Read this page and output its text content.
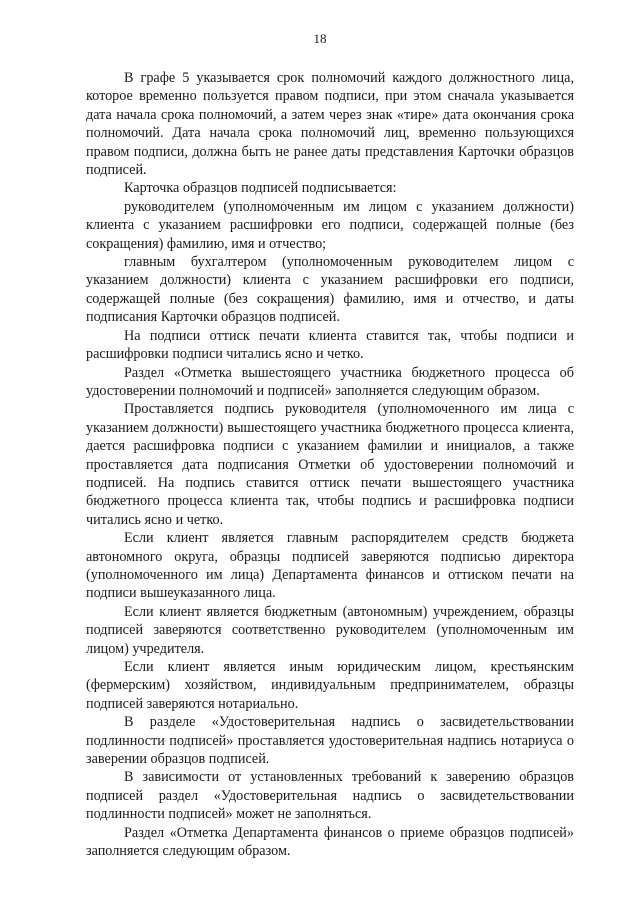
18

В графе 5 указывается срок полномочий каждого должностного лица, которое временно пользуется правом подписи, при этом сначала указывается дата начала срока полномочий, а затем через знак «тире» дата окончания срока полномочий. Дата начала срока полномочий лиц, временно пользующихся правом подписи, должна быть не ранее даты представления Карточки образцов подписей.

Карточка образцов подписей подписывается:

руководителем (уполномоченным им лицом с указанием должности) клиента с указанием расшифровки его подписи, содержащей полные (без сокращения) фамилию, имя и отчество;

главным бухгалтером (уполномоченным руководителем лицом с указанием должности) клиента с указанием расшифровки его подписи, содержащей полные (без сокращения) фамилию, имя и отчество, и даты подписания Карточки образцов подписей.

На подписи оттиск печати клиента ставится так, чтобы подписи и расшифровки подписи читались ясно и четко.

Раздел «Отметка вышестоящего участника бюджетного процесса об удостоверении полномочий и подписей» заполняется следующим образом.

Проставляется подпись руководителя (уполномоченного им лица с указанием должности) вышестоящего участника бюджетного процесса клиента, дается расшифровка подписи с указанием фамилии и инициалов, а также проставляется дата подписания Отметки об удостоверении полномочий и подписей. На подпись ставится оттиск печати вышестоящего участника бюджетного процесса клиента так, чтобы подпись и расшифровка подписи читались ясно и четко.

Если клиент является главным распорядителем средств бюджета автономного округа, образцы подписей заверяются подписью директора (уполномоченного им лица) Департамента финансов и оттиском печати на подписи вышеуказанного лица.

Если клиент является бюджетным (автономным) учреждением, образцы подписей заверяются соответственно руководителем (уполномоченным им лицом) учредителя.

Если клиент является иным юридическим лицом, крестьянским (фермерским) хозяйством, индивидуальным предпринимателем, образцы подписей заверяются нотариально.

В разделе «Удостоверительная надпись о засвидетельствовании подлинности подписей» проставляется удостоверительная надпись нотариуса о заверении образцов подписей.

В зависимости от установленных требований к заверению образцов подписей раздел «Удостоверительная надпись о засвидетельствовании подлинности подписей» может не заполняться.

Раздел «Отметка Департамента финансов о приеме образцов подписей» заполняется следующим образом.
